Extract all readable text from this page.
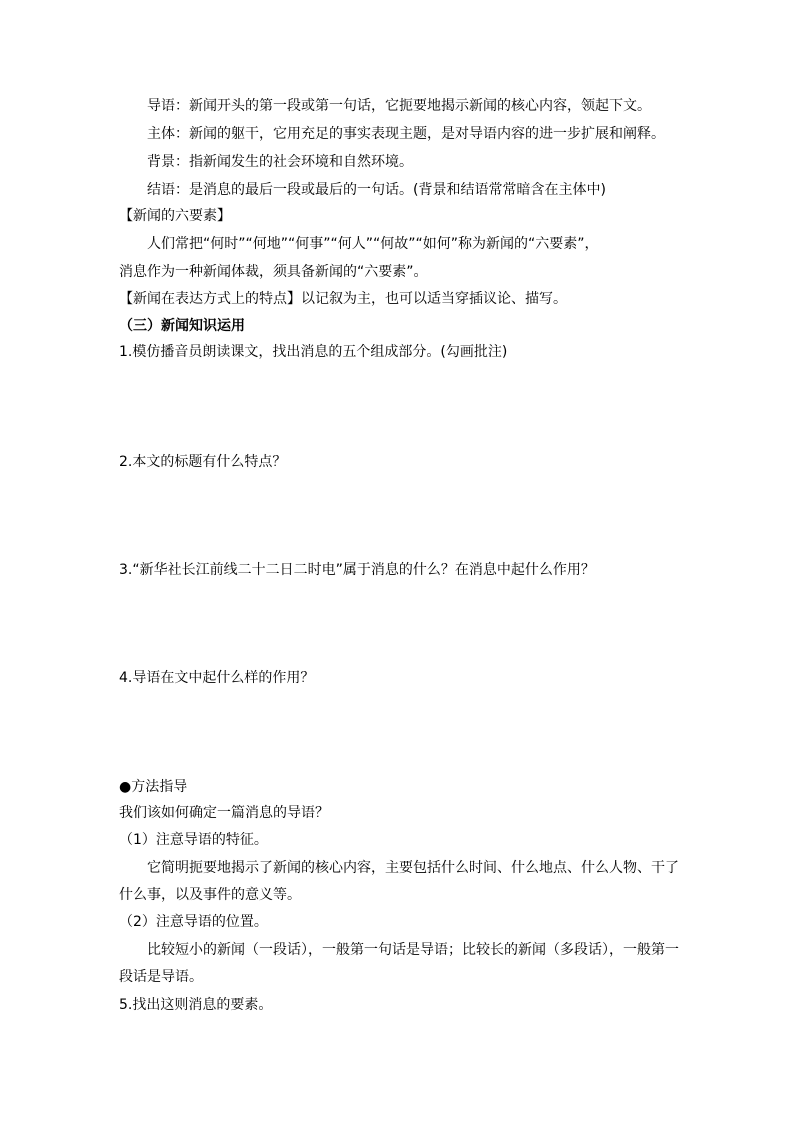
导语：新闻开头的第一段或第一句话，它扼要地揭示新闻的核心内容，领起下文。
主体：新闻的躯干，它用充足的事实表现主题，是对导语内容的进一步扩展和阐释。
背景：指新闻发生的社会环境和自然环境。
结语：是消息的最后一段或最后的一句话。(背景和结语常常暗含在主体中)
【新闻的六要素】
人们常把“何时”“何地”“何事”“何人”“何故”“如何”称为新闻的“六要素”，
消息作为一种新闻体裁，须具备新闻的“六要素”。
【新闻在表达方式上的特点】以记叙为主，也可以适当穿插议论、描写。
（三）新闻知识运用
1.模仿播音员朗读课文，找出消息的五个组成部分。(勾画批注)
2.本文的标题有什么特点？
3.“新华社长江前线二十二日二时电”属于消息的什么？在消息中起什么作用？
4.导语在文中起什么样的作用？
●方法指导
我们该如何确定一篇消息的导语？
（1）注意导语的特征。
它简明扼要地揭示了新闻的核心内容，主要包括什么时间、什么地点、什么人物、干了
什么事，以及事件的意义等。
（2）注意导语的位置。
比较短小的新闻（一段话），一般第一句话是导语；比较长的新闻（多段话），一般第一
段话是导语。
5.找出这则消息的要素。
